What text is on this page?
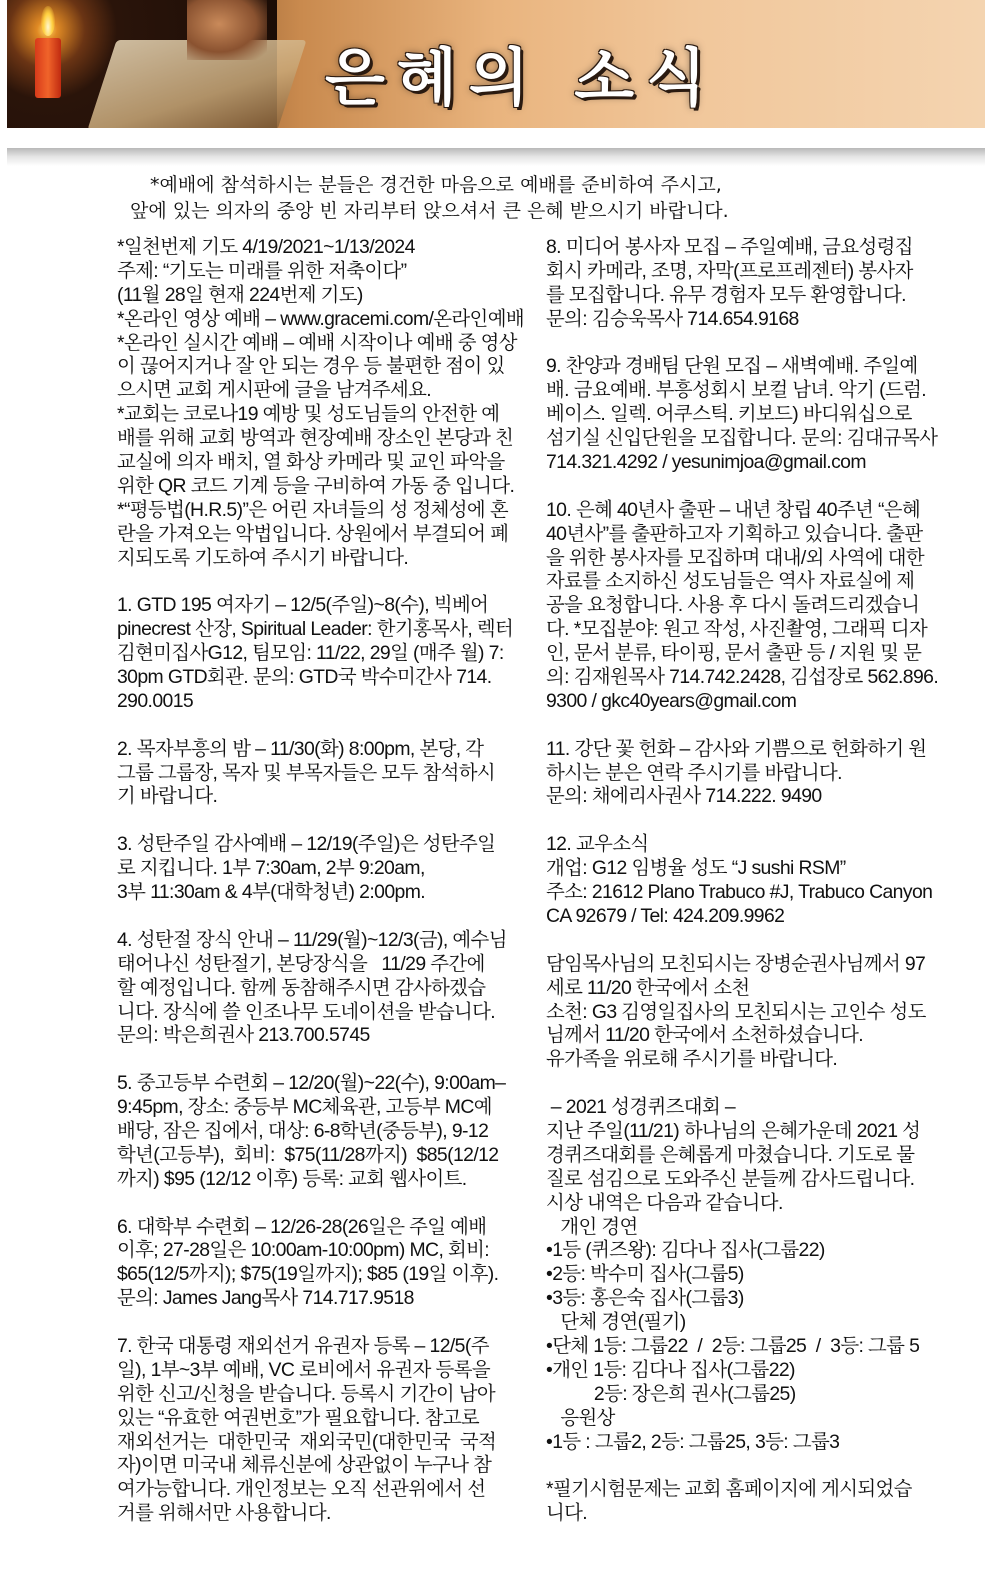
은혜의 소식
*예배에 참석하시는 분들은 경건한 마음으로 예배를 준비하여 주시고,
앞에 있는 의자의 중앙 빈 자리부터 앉으셔서 큰 은혜 받으시기 바랍니다.
*일천번제 기도 4/19/2021~1/13/2024
주제: “기도는 미래를 위한 저축이다”
(11월 28일 현재 224번제 기도)
*온라인 영상 예배 – www.gracemi.com/온라인예배
*온라인 실시간 예배 – 예배 시작이나 예배 중 영상
이 끊어지거나 잘 안 되는 경우 등 불편한 점이 있
으시면 교회 게시판에 글을 남겨주세요.
*교회는 코로나19 예방 및 성도님들의 안전한 예
배를 위해 교회 방역과 현장예배 장소인 본당과 친
교실에 의자 배치, 열 화상 카메라 및 교인 파악을
위한 QR 코드 기계 등을 구비하여 가동 중 입니다.
*“평등법(H.R.5)”은 어린 자녀들의 성 정체성에 혼
란을 가져오는 악법입니다. 상원에서 부결되어 폐
지되도록 기도하여 주시기 바랍니다.
1. GTD 195 여자기 – 12/5(주일)~8(수), 빅베어
pinecrest 산장, Spiritual Leader: 한기홍목사, 렉터
김현미집사G12, 팀모임: 11/22, 29일 (매주 월) 7:
30pm GTD회관. 문의: GTD국 박수미간사 714.
290.0015
2. 목자부흥의 밤 – 11/30(화) 8:00pm, 본당, 각
그룹 그룹장, 목자 및 부목자들은 모두 참석하시
기 바랍니다.
3. 성탄주일 감사예배 – 12/19(주일)은 성탄주일
로 지킵니다. 1부 7:30am, 2부 9:20am,
3부 11:30am & 4부(대학청년) 2:00pm.
4. 성탄절 장식 안내 – 11/29(월)~12/3(금), 예수님
태어나신 성탄절기, 본당장식을   11/29 주간에
할 예정입니다. 함께 동참해주시면 감사하겠습
니다. 장식에 쓸 인조나무 도네이션을 받습니다.
문의: 박은희권사 213.700.5745
5. 중고등부 수련회 – 12/20(월)~22(수), 9:00am–
9:45pm, 장소: 중등부 MC체육관, 고등부 MC예
배당, 잠은 집에서, 대상: 6-8학년(중등부), 9-12
학년(고등부),  회비:  $75(11/28까지)  $85(12/12
까지) $95 (12/12 이후) 등록: 교회 웹사이트.
6. 대학부 수련회 – 12/26-28(26일은 주일 예배
이후; 27-28일은 10:00am-10:00pm) MC, 회비:
$65(12/5까지); $75(19일까지); $85 (19일 이후).
문의: James Jang목사 714.717.9518
7. 한국 대통령 재외선거 유권자 등록 – 12/5(주
일), 1부~3부 예배, VC 로비에서 유권자 등록을
위한 신고/신청을 받습니다. 등록시 기간이 남아
있는 “유효한 여권번호”가 필요합니다. 참고로
재외선거는  대한민국  재외국민(대한민국  국적
자)이면 미국내 체류신분에 상관없이 누구나 참
여가능합니다. 개인정보는 오직 선관위에서 선
거를 위해서만 사용합니다.
8. 미디어 봉사자 모집 – 주일예배, 금요성령집
회시 카메라, 조명, 자막(프로프레젠터) 봉사자
를 모집합니다. 유무 경험자 모두 환영합니다.
문의: 김승욱목사 714.654.9168
9. 찬양과 경배팀 단원 모집 – 새벽예배. 주일예
배. 금요예배. 부흥성회시 보컬 남녀. 악기 (드럼.
베이스. 일렉. 어쿠스틱. 키보드) 바디워십으로
섬기실 신입단원을 모집합니다. 문의: 김대규목사
714.321.4292 / yesunimjoa@gmail.com
10. 은혜 40년사 출판 – 내년 창립 40주년 “은혜
40년사”를 출판하고자 기획하고 있습니다. 출판
을 위한 봉사자를 모집하며 대내/외 사역에 대한
자료를 소지하신 성도님들은 역사 자료실에 제
공을 요청합니다. 사용 후 다시 돌려드리겠습니
다. *모집분야: 원고 작성, 사진촬영, 그래픽 디자
인, 문서 분류, 타이핑, 문서 출판 등 / 지원 및 문
의: 김재원목사 714.742.2428, 김섭장로 562.896.
9300 / gkc40years@gmail.com
11. 강단 꽃 헌화 – 감사와 기쁨으로 헌화하기 원
하시는 분은 연락 주시기를 바랍니다.
문의: 채에리사권사 714.222. 9490
12. 교우소식
개업: G12 임병율 성도 “J sushi RSM”
주소: 21612 Plano Trabuco #J, Trabuco Canyon
CA 92679 / Tel: 424.209.9962
담임목사님의 모친되시는 장병순권사님께서 97
세로 11/20 한국에서 소천
소천: G3 김영일집사의 모친되시는 고인수 성도
님께서 11/20 한국에서 소천하셨습니다.
유가족을 위로해 주시기를 바랍니다.
– 2021 성경퀴즈대회 –
지난 주일(11/21) 하나님의 은혜가운데 2021 성
경퀴즈대회를 은혜롭게 마쳤습니다. 기도로 물
질로 섬김으로 도와주신 분들께 감사드립니다.
시상 내역은 다음과 같습니다.
개인 경연
•1등 (퀴즈왕): 김다나 집사(그룹22)
•2등: 박수미 집사(그룹5)
•3등: 홍은숙 집사(그룹3)
단체 경연(필기)
•단체 1등: 그룹22  /  2등: 그룹25  /  3등: 그룹 5
•개인 1등: 김다나 집사(그룹22)
2등: 장은희 권사(그룹25)
응원상
•1등 : 그룹2, 2등: 그룹25, 3등: 그룹3
*필기시험문제는 교회 홈페이지에 게시되었습
니다.
